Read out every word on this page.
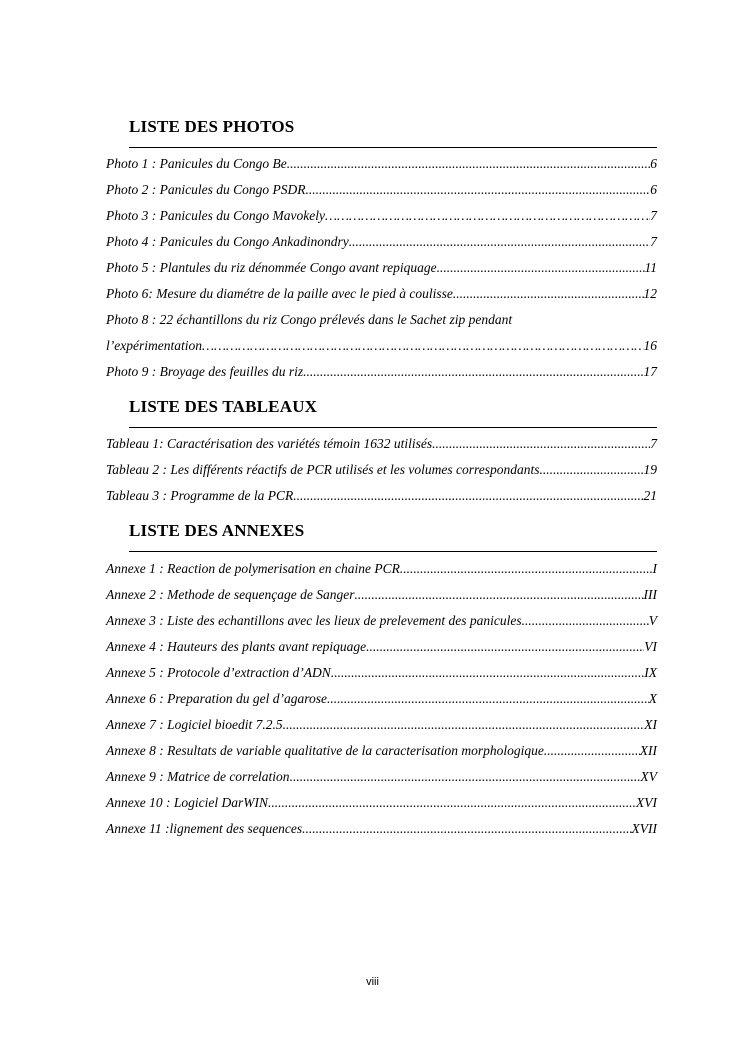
LISTE DES PHOTOS
Photo 1 : Panicules du Congo Be .....	6
Photo 2 : Panicules du Congo PSDR .....	6
Photo 3 : Panicules du Congo Mavokely …………………………………………………………………………………………………………………………………………………	7
Photo 4 : Panicules du Congo Ankadinondry .....	7
Photo 5 : Plantules du riz dénommée Congo avant repiquage .....	11
Photo 6: Mesure du diamétre de la paille avec le pied à coulisse .....	12
Photo 8 : 22 échantillons du riz Congo prélevés dans le Sachet zip pendant
l’expérimentation …………………………………………………………………………………………………………………………………………………	16
Photo 9 : Broyage des feuilles du riz .....	17
LISTE DES TABLEAUX
Tableau 1: Caractérisation des variétés témoin 1632 utilisés .....	7
Tableau 2 : Les différents réactifs de PCR utilisés et les volumes correspondants .....	19
Tableau 3 : Programme de la PCR .....	21
LISTE DES ANNEXES
Annexe 1 : Reaction de polymerisation en chaine PCR .....	I
Annexe 2 : Methode de sequençage de Sanger .....	III
Annexe 3 : Liste des echantillons avec les lieux de prelevement des panicules .....	V
Annexe 4 : Hauteurs des plants avant repiquage .....	VI
Annexe 5 : Protocole d’extraction d’ADN .....	IX
Annexe 6 : Preparation du gel d’agarose .....	X
Annexe 7 : Logiciel bioedit 7.2.5 .....	XI
Annexe 8 : Resultats de variable qualitative de la caracterisation morphologique .....	XII
Annexe 9 : Matrice de correlation .....	XV
Annexe 10 : Logiciel DarWIN .....	XVI
Annexe 11 :lignement des sequences .....	XVII
viii
